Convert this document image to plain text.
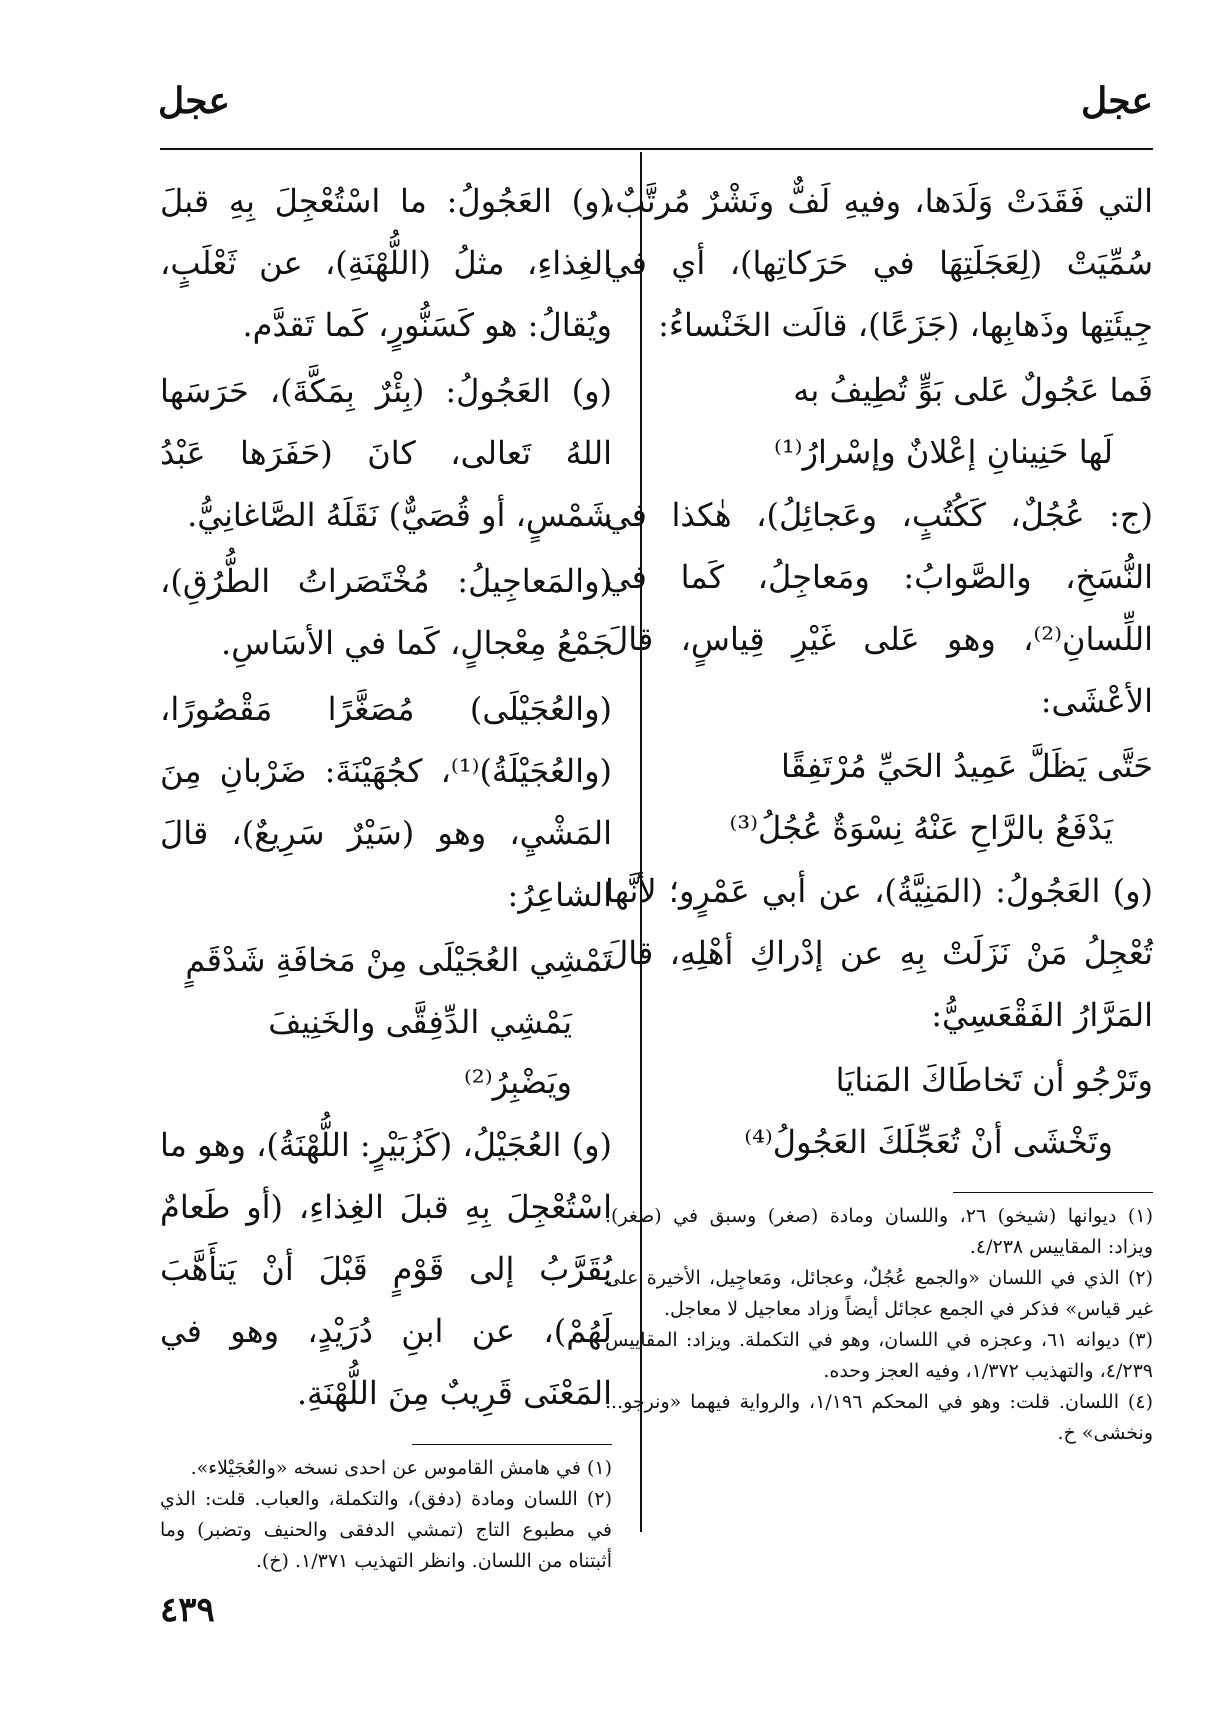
عجل
عجل

التي فَقَدَتْ وَلَدَها، وفيهِ لَفٌّ ونَشْرٌ مُرتَّبٌ، سُمِّيَتْ (لِعَجَلَتِهَا في حَرَكاتِها)، أي في جِيئَتِها وذَهابِها، (جَزَعًا)، قالَت الخَنْساءُ:

فَما عَجُولٌ عَلى بَوٍّ تُطِيفُ به

لَها حَنِينانِ إعْلانٌ وإسْرارُ⁽¹⁾

(ج: عُجُلٌ، كَكُتُبٍ، وعَجائِلُ)، هٰكذا في النُّسَخِ، والصَّوابُ: ومَعاجِلُ، كَما في اللِّسانِ⁽²⁾، وهو عَلى غَيْرِ قِياسٍ، قالَ الأعْشَى:

حَتَّى يَظَلَّ عَمِيدُ الحَيِّ مُرْتَفِقًا

يَدْفَعُ بالرَّاحِ عَنْهُ نِسْوَةٌ عُجُلُ⁽³⁾

(و) العَجُولُ: (المَنِيَّةُ)، عن أبي عَمْرٍو؛ لأنَّها تُعْجِلُ مَنْ نَزَلَتْ بِهِ عن إدْراكِ أهْلِهِ، قالَ المَرَّارُ الفَقْعَسِيُّ:

وتَرْجُو أن تَخاطَاكَ المَنايَا

وتَخْشَى أنْ تُعَجِّلَكَ العَجُولُ⁽⁴⁾

(١) ديوانها (شيخو) ٢٦، واللسان ومادة (صغر) وسبق في (صغر). ويزاد: المقاييس ٤/٢٣٨.

(٢) الذي في اللسان «والجمع عُجُلٌ، وعجائل، ومَعاجِيل، الأخيرة على غير قياس» فذكر في الجمع عجائل أيضاً وزاد معاجيل لا معاجل.

(٣) ديوانه ٦١، وعجزه في اللسان، وهو في التكملة. ويزاد: المقاييس ٤/٢٣٩، والتهذيب ١/٣٧٢، وفيه العجز وحده.

(٤) اللسان. قلت: وهو في المحكم ١/١٩٦، والرواية فيهما «ونرجو... ونخشى» خ.

(و) العَجُولُ: ما اسْتُعْجِلَ بِهِ قبلَ الغِذاءِ، مثلُ (اللُّهْنَةِ)، عن ثَعْلَبٍ، ويُقالُ: هو كَسَنُّورٍ، كَما تَقدَّم.

(و) العَجُولُ: (بِئْرٌ بِمَكَّةَ)، حَرَسَها اللهُ تَعالى، كانَ (حَفَرَها عَبْدُ شَمْسٍ، أو قُصَيٌّ) نَقَلَهُ الصَّاغانِيُّ.

(والمَعاجِيلُ: مُخْتَصَراتُ الطُّرُقِ)، جَمْعُ مِعْجالٍ، كَما في الأسَاسِ.

(والعُجَيْلَى) مُصَغَّرًا مَقْصُورًا، (والعُجَيْلَةُ)⁽¹⁾، كجُهَيْنَةَ: ضَرْبانِ مِنَ المَشْيِ، وهو (سَيْرٌ سَرِيعٌ)، قالَ الشاعِرُ:

تَمْشِي العُجَيْلَى مِنْ مَخافَةِ شَدْقَمٍ

يَمْشِي الدِّفِقَّى والخَنِيفَ ويَضْبِرُ⁽²⁾

(و) العُجَيْلُ، (كَزُبَيْرٍ: اللُّهْنَةُ)، وهو ما اسْتُعْجِلَ بِهِ قبلَ الغِذاءِ، (أو طَعامٌ يُقَرَّبُ إلى قَوْمٍ قَبْلَ أنْ يَتأَهَّبَ لَهُمْ)، عن ابنِ دُرَيْدٍ، وهو في المَعْنَى قَرِيبٌ مِنَ اللُّهْنَةِ.

(١) في هامش القاموس عن احدى نسخه «والعُجَيْلاء».

(٢) اللسان ومادة (دفق)، والتكملة، والعباب. قلت: الذي في مطبوع التاج (تمشي الدفقى والحنيف وتضبر) وما أثبتناه من اللسان. وانظر التهذيب ١/٣٧١. (خ).

٤٣٩
